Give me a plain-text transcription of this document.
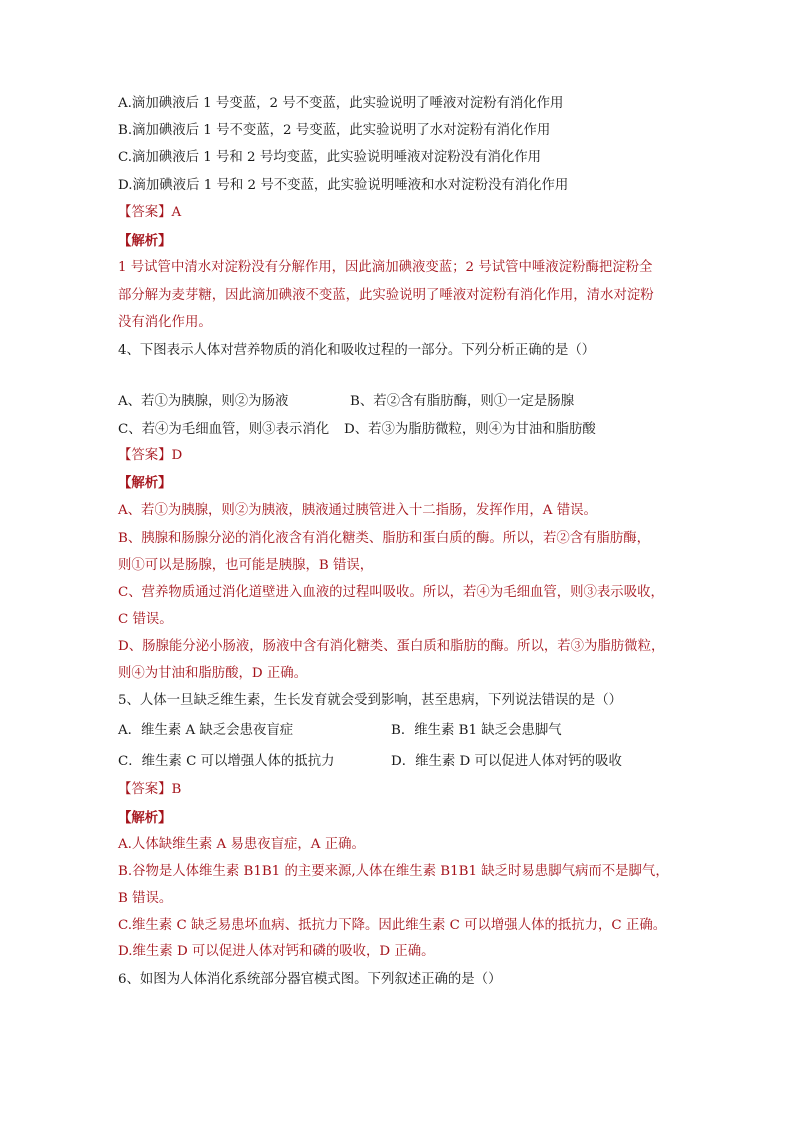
A.滴加碘液后 1 号变蓝，2 号不变蓝，此实验说明了唾液对淀粉有消化作用
B.滴加碘液后 1 号不变蓝，2 号变蓝，此实验说明了水对淀粉有消化作用
C.滴加碘液后 1 号和 2 号均变蓝，此实验说明唾液对淀粉没有消化作用
D.滴加碘液后 1 号和 2 号不变蓝，此实验说明唾液和水对淀粉没有消化作用
【答案】A
【解析】
1 号试管中清水对淀粉没有分解作用，因此滴加碘液变蓝；2 号试管中唾液淀粉酶把淀粉全
部分解为麦芽糖，因此滴加碘液不变蓝，此实验说明了唾液对淀粉有消化作用，清水对淀粉
没有消化作用。
4、下图表示人体对营养物质的消化和吸收过程的一部分。下列分析正确的是（）
A、若①为胰腺，则②为肠液	B、若②含有脂肪酶，则①一定是肠腺
C、若④为毛细血管，则③表示消化 D、若③为脂肪微粒，则④为甘油和脂肪酸
【答案】D
【解析】
A、若①为胰腺，则②为胰液，胰液通过胰管进入十二指肠，发挥作用，A 错误。
B、胰腺和肠腺分泌的消化液含有消化糖类、脂肪和蛋白质的酶。所以，若②含有脂肪酶，
则①可以是肠腺，也可能是胰腺，B 错误，
C、营养物质通过消化道壁进入血液的过程叫吸收。所以，若④为毛细血管，则③表示吸收，
C 错误。
D、肠腺能分泌小肠液，肠液中含有消化糖类、蛋白质和脂肪的酶。所以，若③为脂肪微粒，
则④为甘油和脂肪酸，D 正确。
5、人体一旦缺乏维生素，生长发育就会受到影响，甚至患病，下列说法错误的是（）
A．维生素 A 缺乏会患夜盲症	B．维生素 B1 缺乏会患脚气
C．维生素 C 可以增强人体的抵抗力	D．维生素 D 可以促进人体对钙的吸收
【答案】B
【解析】
A.人体缺维生素 A 易患夜盲症，A 正确。
B.谷物是人体维生素 B1B1 的主要来源,人体在维生素 B1B1 缺乏时易患脚气病而不是脚气，
B 错误。
C.维生素 C 缺乏易患坏血病、抵抗力下降。因此维生素 C 可以增强人体的抵抗力，C 正确。
D.维生素 D 可以促进人体对钙和磷的吸收，D 正确。
6、如图为人体消化系统部分器官模式图。下列叙述正确的是（）
